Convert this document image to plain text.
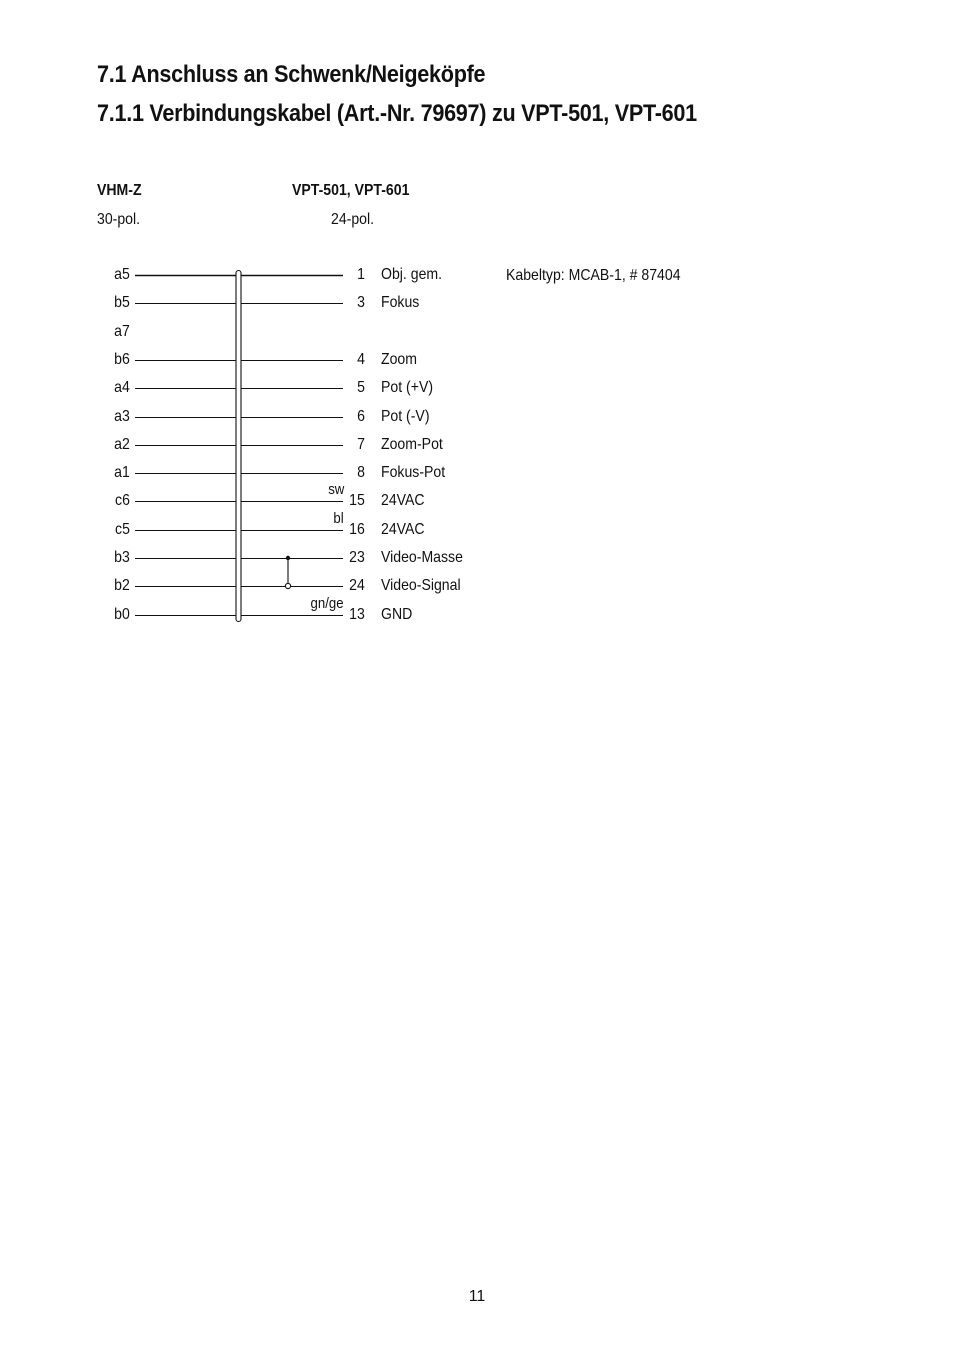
7.1 Anschluss an Schwenk/Neigeköpfe
7.1.1 Verbindungskabel (Art.-Nr. 79697) zu VPT-501, VPT-601
VHM-Z
30-pol.
VPT-501, VPT-601
24-pol.
Kabeltyp: MCAB-1, # 87404
a5	1 Obj. gem.
b5	3 Fokus
a7
b6	4 Zoom
a4	5 Pot (+V)
a3	6 Pot (-V)
a2	7 Zoom-Pot
a1	8 Fokus-Pot
c6	15 24VAC
sw
c5	16 24VAC
bl
b3	23 Video-Masse
b2	24 Video-Signal
b0	13 GND
gn/ge
11
